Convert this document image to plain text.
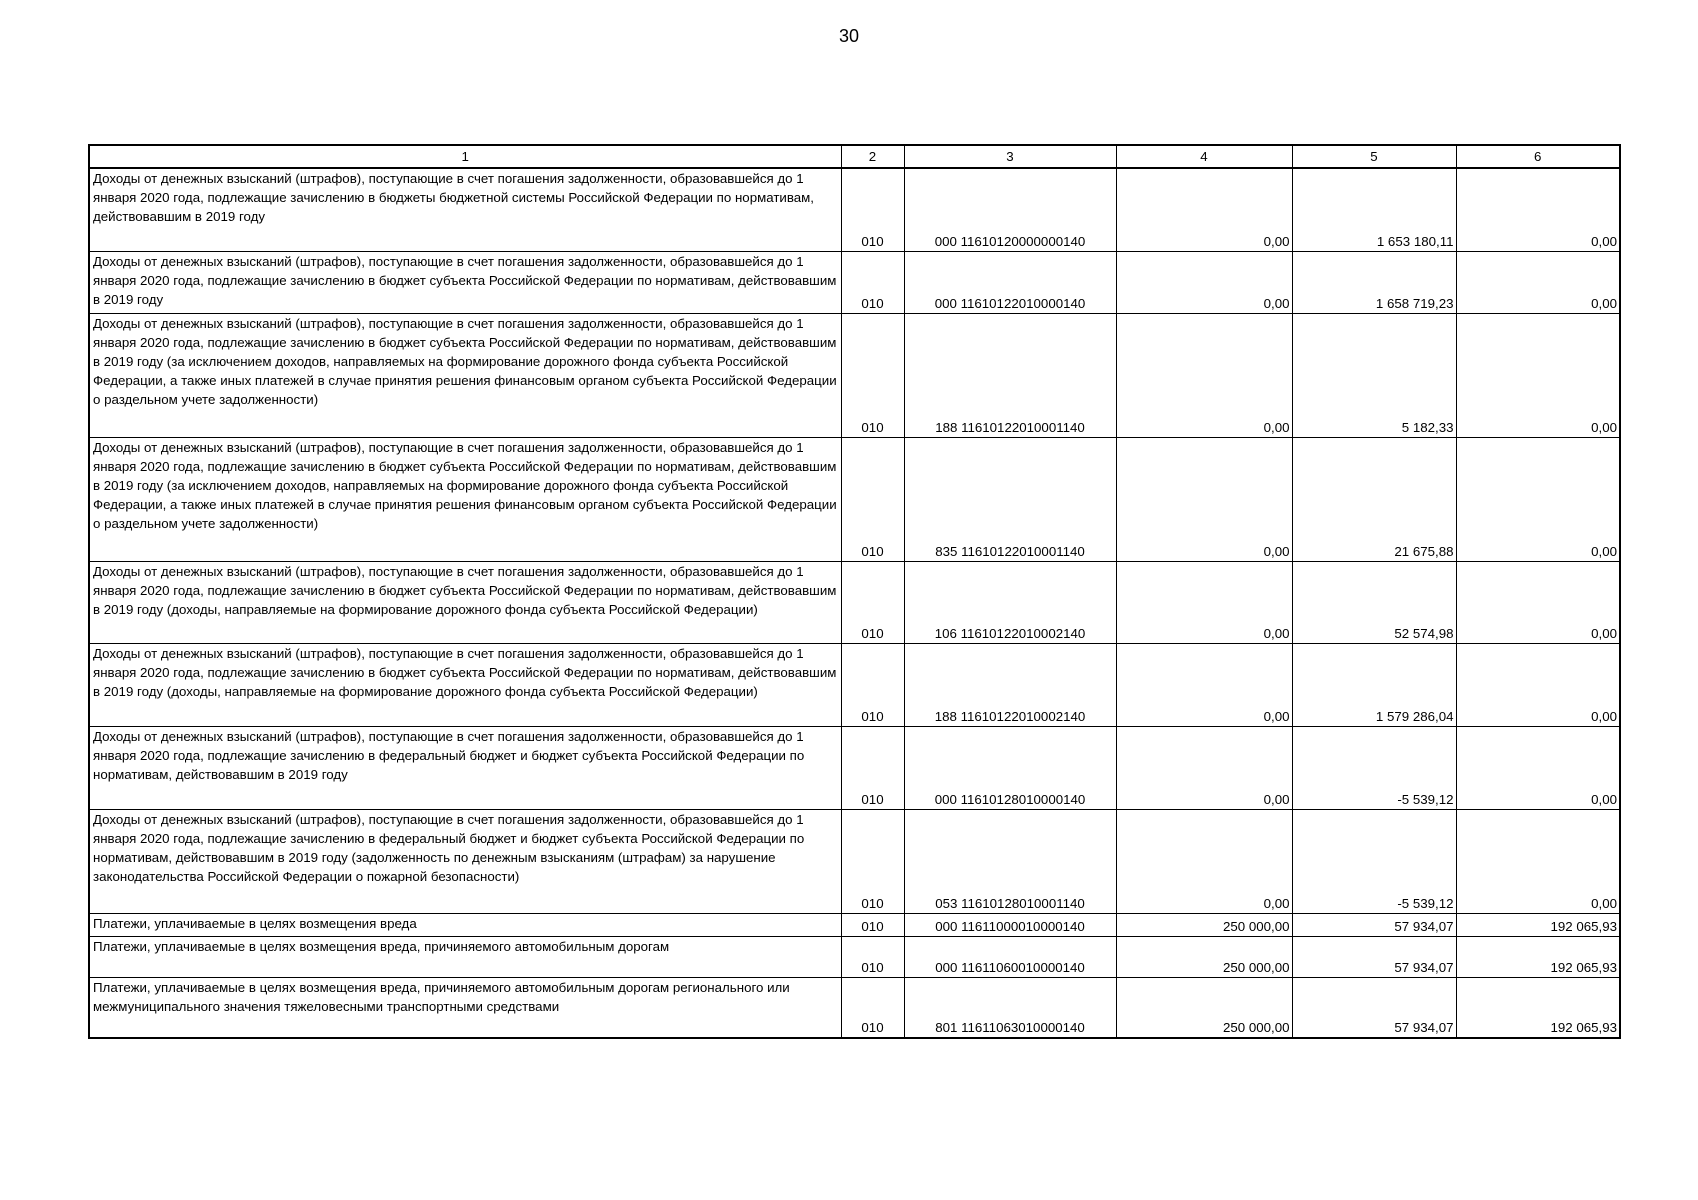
30
1	2	3	4	5	6
Доходы от денежных взысканий (штрафов), поступающие в счет погашения задолженности, образовавшейся до 1 января 2020 года, подлежащие зачислению в бюджеты бюджетной системы Российской Федерации по нормативам, действовавшим в 2019 году	010	000 11610120000000140	0,00	1 653 180,11	0,00
Доходы от денежных взысканий (штрафов), поступающие в счет погашения задолженности, образовавшейся до 1 января 2020 года, подлежащие зачислению в бюджет субъекта Российской Федерации по нормативам, действовавшим в 2019 году	010	000 11610122010000140	0,00	1 658 719,23	0,00
Доходы от денежных взысканий (штрафов), поступающие в счет погашения задолженности, образовавшейся до 1 января 2020 года, подлежащие зачислению в бюджет субъекта Российской Федерации по нормативам, действовавшим в 2019 году (за исключением доходов, направляемых на формирование дорожного фонда субъекта Российской Федерации, а также иных платежей в случае принятия решения финансовым органом субъекта Российской Федерации о раздельном учете задолженности)	010	188 11610122010001140	0,00	5 182,33	0,00
Доходы от денежных взысканий (штрафов), поступающие в счет погашения задолженности, образовавшейся до 1 января 2020 года, подлежащие зачислению в бюджет субъекта Российской Федерации по нормативам, действовавшим в 2019 году (за исключением доходов, направляемых на формирование дорожного фонда субъекта Российской Федерации, а также иных платежей в случае принятия решения финансовым органом субъекта Российской Федерации о раздельном учете задолженности)	010	835 11610122010001140	0,00	21 675,88	0,00
Доходы от денежных взысканий (штрафов), поступающие в счет погашения задолженности, образовавшейся до 1 января 2020 года, подлежащие зачислению в бюджет субъекта Российской Федерации по нормативам, действовавшим в 2019 году (доходы, направляемые на формирование дорожного фонда субъекта Российской Федерации)	010	106 11610122010002140	0,00	52 574,98	0,00
Доходы от денежных взысканий (штрафов), поступающие в счет погашения задолженности, образовавшейся до 1 января 2020 года, подлежащие зачислению в бюджет субъекта Российской Федерации по нормативам, действовавшим в 2019 году (доходы, направляемые на формирование дорожного фонда субъекта Российской Федерации)	010	188 11610122010002140	0,00	1 579 286,04	0,00
Доходы от денежных взысканий (штрафов), поступающие в счет погашения задолженности, образовавшейся до 1 января 2020 года, подлежащие зачислению в федеральный бюджет и бюджет субъекта Российской Федерации по нормативам, действовавшим в 2019 году	010	000 11610128010000140	0,00	-5 539,12	0,00
Доходы от денежных взысканий (штрафов), поступающие в счет погашения задолженности, образовавшейся до 1 января 2020 года, подлежащие зачислению в федеральный бюджет и бюджет субъекта Российской Федерации по нормативам, действовавшим в 2019 году (задолженность по денежным взысканиям (штрафам) за нарушение законодательства Российской Федерации о пожарной безопасности)	010	053 11610128010001140	0,00	-5 539,12	0,00
Платежи, уплачиваемые в целях возмещения вреда	010	000 11611000010000140	250 000,00	57 934,07	192 065,93
Платежи, уплачиваемые в целях возмещения вреда, причиняемого автомобильным дорогам	010	000 11611060010000140	250 000,00	57 934,07	192 065,93
Платежи, уплачиваемые в целях возмещения вреда, причиняемого автомобильным дорогам регионального или межмуниципального значения тяжеловесными транспортными средствами	010	801 11611063010000140	250 000,00	57 934,07	192 065,93
